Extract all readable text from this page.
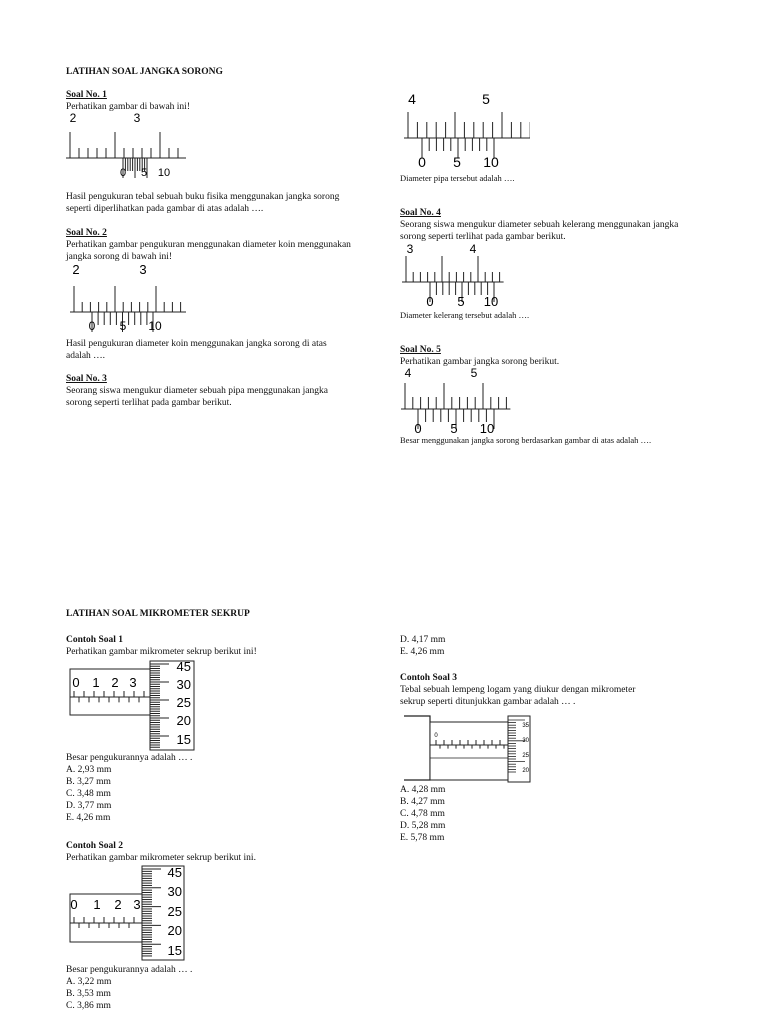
LATIHAN SOAL JANGKA SORONG
Soal No. 1
Perhatikan gambar di bawah ini!
2	3
0 5 10
Hasil pengukuran tebal sebuah buku fisika menggunakan jangka sorong
seperti diperlihatkan pada gambar di atas adalah ….
Soal No. 2
Perhatikan gambar pengukuran menggunakan diameter koin menggunakan
jangka sorong di bawah ini!
2	3
0 5 10
Hasil pengukuran diameter koin menggunakan jangka sorong di atas
adalah ….
Soal No. 3
Seorang siswa mengukur diameter sebuah pipa menggunakan jangka
sorong seperti terlihat pada gambar berikut.
4	5
0 5 10
Diameter pipa tersebut adalah ….
Soal No. 4
Seorang siswa mengukur diameter sebuah kelerang menggunakan jangka
sorong seperti terlihat pada gambar berikut.
3	4
0 5 10
Diameter kelerang tersebut adalah ….
Soal No. 5
Perhatikan gambar jangka sorong berikut.
4	5
0 5 10
Besar menggunakan jangka sorong berdasarkan gambar di atas adalah ….
LATIHAN SOAL MIKROMETER SEKRUP
Contoh Soal 1
Perhatikan gambar mikrometer sekrup berikut ini!
0 1 2 3
45
30
25
20
15
Besar pengukurannya adalah … .
A. 2,93 mm
B. 3,27 mm
C. 3,48 mm
D. 3,77 mm
E. 4,26 mm
Contoh Soal 2
Perhatikan gambar mikrometer sekrup berikut ini.
0 1 2 3
45
30
25
20
15
Besar pengukurannya adalah … .
A. 3,22 mm
B. 3,53 mm
C. 3,86 mm
D. 4,17 mm
E. 4,26 mm
Contoh Soal 3
Tebal sebuah lempeng logam yang diukur dengan mikrometer
sekrup seperti ditunjukkan gambar adalah … .
0
35
30
25
20
A. 4,28 mm
B. 4,27 mm
C. 4,78 mm
D. 5,28 mm
E. 5,78 mm
